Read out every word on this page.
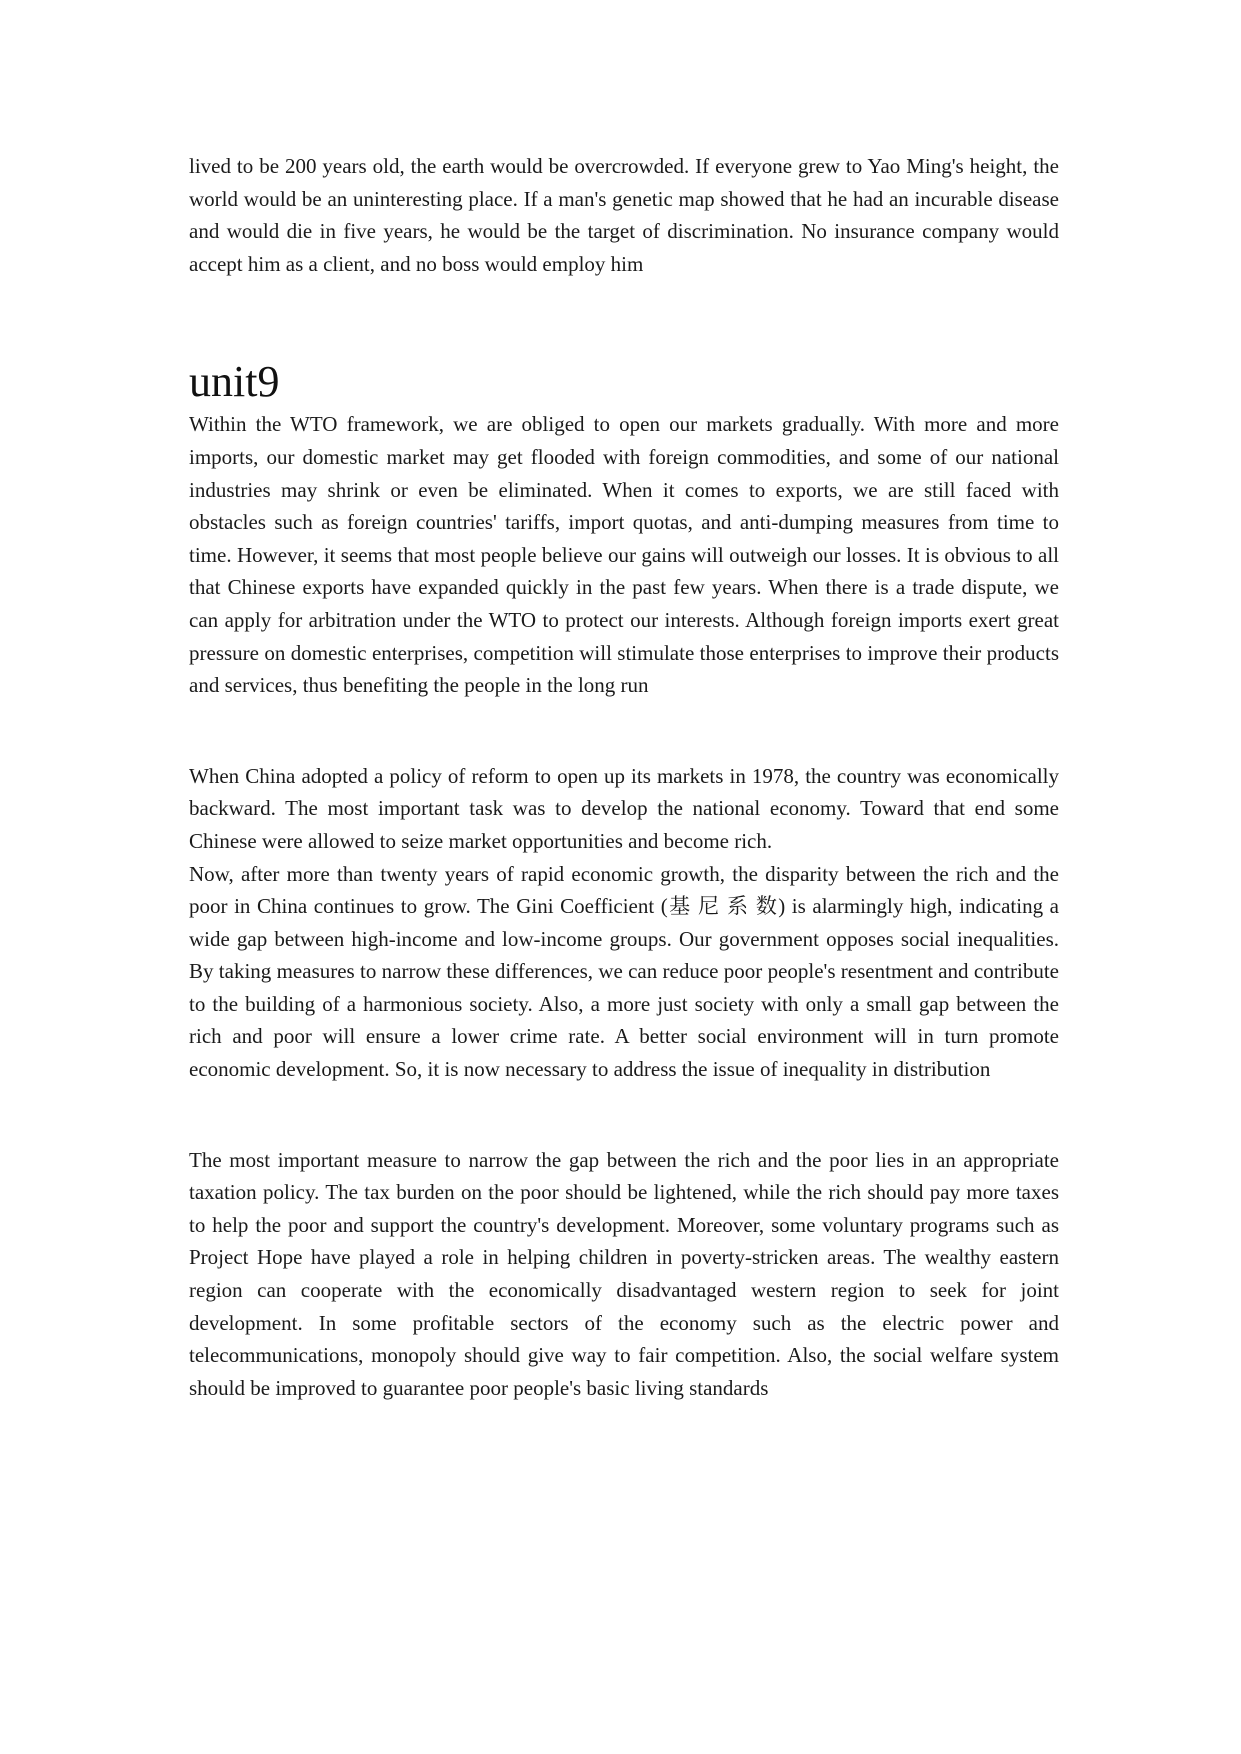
lived to be 200 years old, the earth would be overcrowded. If everyone grew to Yao Ming's height, the world would be an uninteresting place. If a man's genetic map showed that he had an incurable disease and would die in five years, he would be the target of discrimination. No insurance company would accept him as a client, and no boss would employ him

unit9

Within the WTO framework, we are obliged to open our markets gradually. With more and more imports, our domestic market may get flooded with foreign commodities, and some of our national industries may shrink or even be eliminated. When it comes to exports, we are still faced with obstacles such as foreign countries' tariffs, import quotas, and anti-dumping measures from time to time. However, it seems that most people believe our gains will outweigh our losses. It is obvious to all that Chinese exports have expanded quickly in the past few years. When there is a trade dispute, we can apply for arbitration under the WTO to protect our interests. Although foreign imports exert great pressure on domestic enterprises, competition will stimulate those enterprises to improve their products and services, thus benefiting the people in the long run

When China adopted a policy of reform to open up its markets in 1978, the country was economically backward. The most important task was to develop the national economy. Toward that end some Chinese were allowed to seize market opportunities and become rich.

Now, after more than twenty years of rapid economic growth, the disparity between the rich and the poor in China continues to grow. The Gini Coefficient (基 尼 系 数) is alarmingly high, indicating a wide gap between high-income and low-income groups. Our government opposes social inequalities. By taking measures to narrow these differences, we can reduce poor people's resentment and contribute to the building of a harmonious society. Also, a more just society with only a small gap between the rich and poor will ensure a lower crime rate. A better social environment will in turn promote economic development. So, it is now necessary to address the issue of inequality in distribution

The most important measure to narrow the gap between the rich and the poor lies in an appropriate taxation policy. The tax burden on the poor should be lightened, while the rich should pay more taxes to help the poor and support the country's development. Moreover, some voluntary programs such as Project Hope have played a role in helping children in poverty-stricken areas. The wealthy eastern region can cooperate with the economically disadvantaged western region to seek for joint development. In some profitable sectors of the economy such as the electric power and telecommunications, monopoly should give way to fair competition. Also, the social welfare system should be improved to guarantee poor people's basic living standards
